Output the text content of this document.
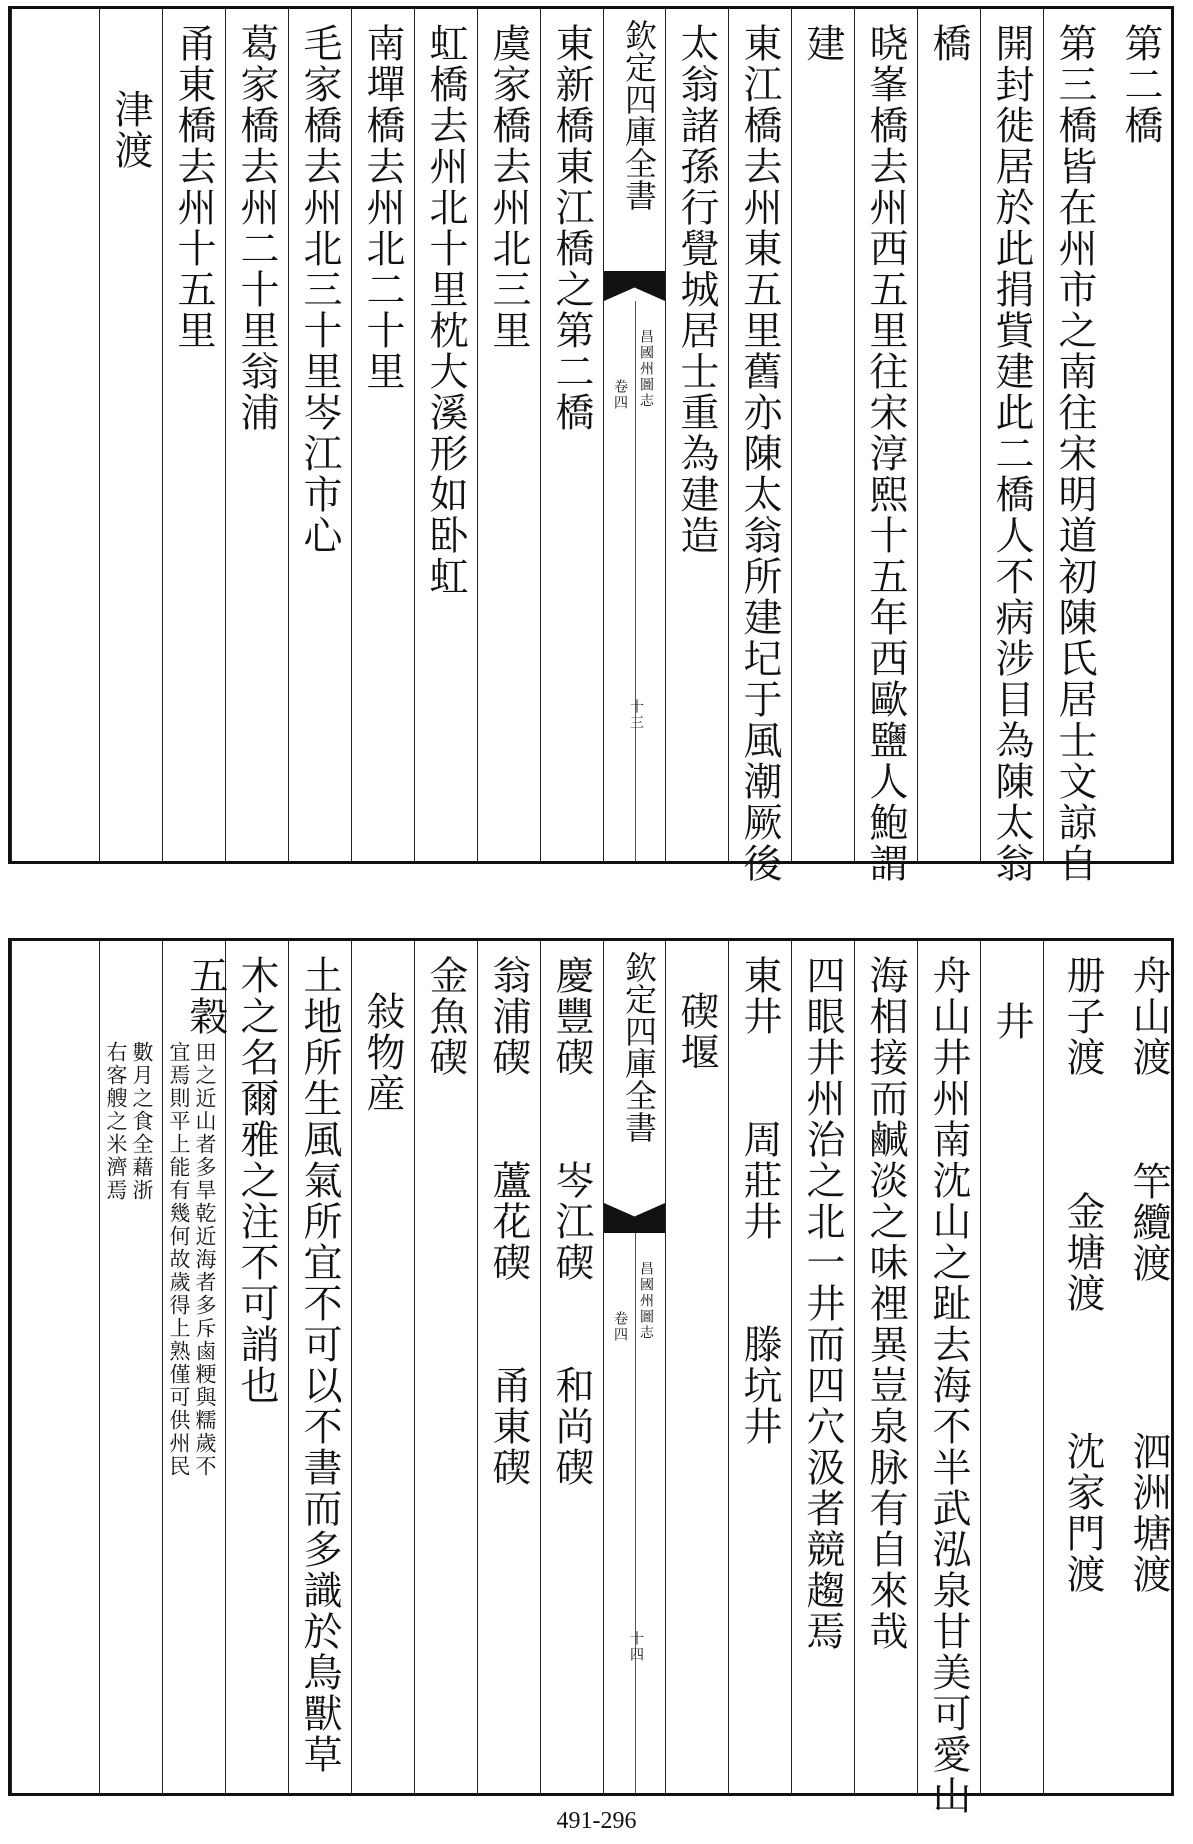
第二橋
第三橋皆在州市之南往宋明道初陳氏居士文諒自
開封徙居於此捐貲建此二橋人不病涉目為陳太翁
橋
晓峯橋去州西五里往宋淳熙十五年西歐鹽人鮑謂
建
東江橋去州東五里舊亦陳太翁所建圮于風潮厥後
太翁諸孫行覺城居士重為建造
欽定四庫全書
昌國州圖志
卷四
十三
東新橋東江橋之第二橋
虞家橋去州北三里
虹橋去州北十里枕大溪形如卧虹
南墠橋去州北二十里
毛家橋去州北三十里岑江市心
葛家橋去州二十里翁浦
甬東橋去州十五里
津渡
舟山渡
竿纜渡
泗洲塘渡
册子渡
金塘渡
沈家門渡
井
舟山井州南沈山之趾去海不半武泓泉甘美可愛山
海相接而鹹淡之味𥚃異豈泉脉有自來哉
四眼井州治之北一井而四穴汲者競趨焉
東井　　周莊井　　滕坑井
碶堰
欽定四庫全書
昌國州圖志
卷四
十四
慶豐碶　　岑江碶　　和尚碶
翁浦碶　　蘆花碶　　甬東碶
金魚碶
敍物産
土地所生風氣所宜不可以不書而多識於鳥獸草
木之名爾雅之注不可誚也
五穀
田之近山者多旱乾近海者多斥鹵粳與糯歲不
宜焉則平上能有幾何故歲得上熟僅可供州民
數月之食全藉浙
右客艘之米濟焉
491-296
